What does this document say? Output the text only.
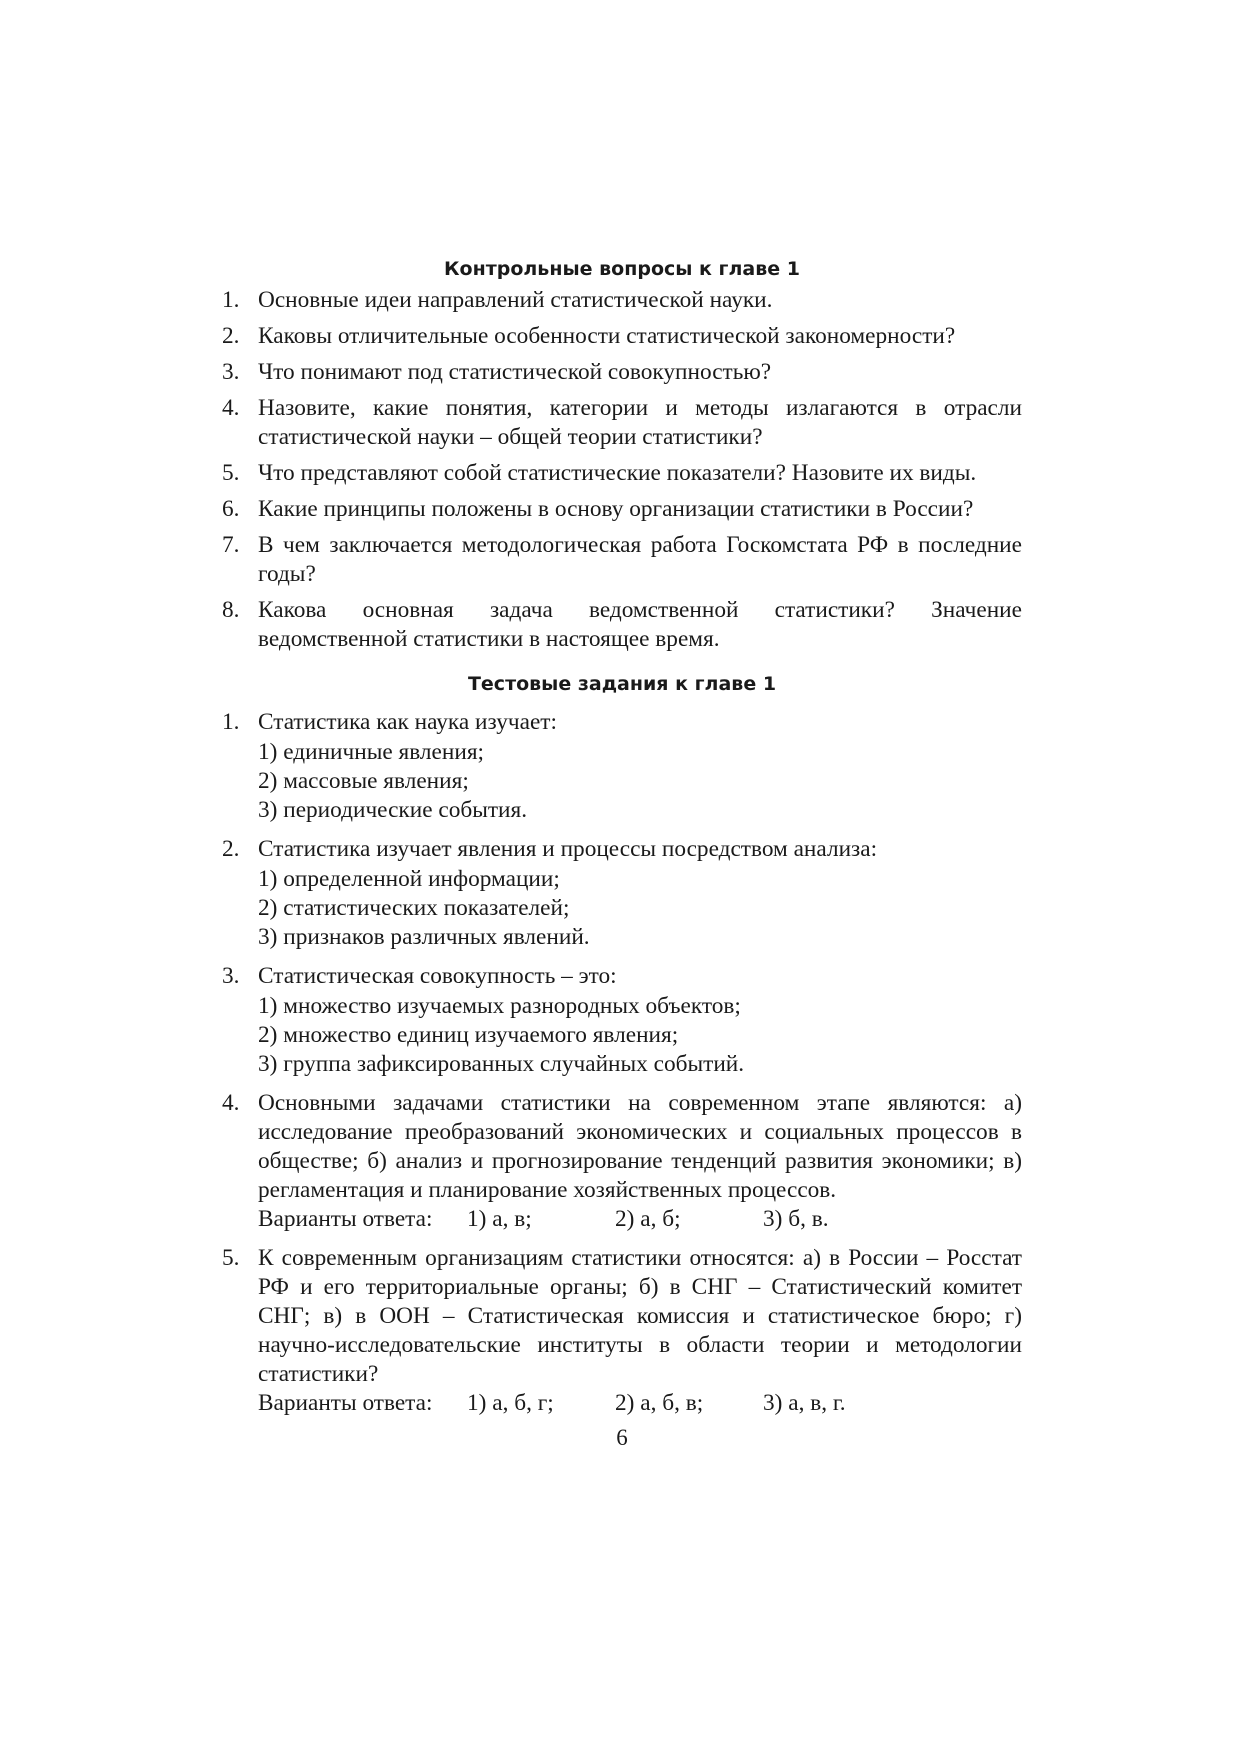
Контрольные вопросы к главе 1
1. Основные идеи направлений статистической науки.
2. Каковы отличительные особенности статистической закономерности?
3. Что понимают под статистической совокупностью?
4. Назовите, какие понятия, категории и методы излагаются в отрасли статистической науки – общей теории статистики?
5. Что представляют собой статистические показатели? Назовите их виды.
6. Какие принципы положены в основу организации статистики в России?
7. В чем заключается методологическая работа Госкомстата РФ в последние годы?
8. Какова основная задача ведомственной статистики? Значение ведомственной статистики в настоящее время.
Тестовые задания к главе 1
1. Статистика как наука изучает:
1) единичные явления;
2) массовые явления;
3) периодические события.
2. Статистика изучает явления и процессы посредством анализа:
1) определенной информации;
2) статистических показателей;
3) признаков различных явлений.
3. Статистическая совокупность – это:
1) множество изучаемых разнородных объектов;
2) множество единиц изучаемого явления;
3) группа зафиксированных случайных событий.
4. Основными задачами статистики на современном этапе являются: а) исследование преобразований экономических и социальных процессов в обществе; б) анализ и прогнозирование тенденций развития экономики; в) регламентация и планирование хозяйственных процессов.
Варианты ответа:	1) а, в;	2) а, б;	3) б, в.
5. К современным организациям статистики относятся: а) в России – Росстат РФ и его территориальные органы; б) в СНГ – Статистический комитет СНГ; в) в ООН – Статистическая комиссия и статистическое бюро; г) научно-исследовательские институты в области теории и методологии статистики?
Варианты ответа:	1) а, б, г;	2) а, б, в;	3) а, в, г.
6
